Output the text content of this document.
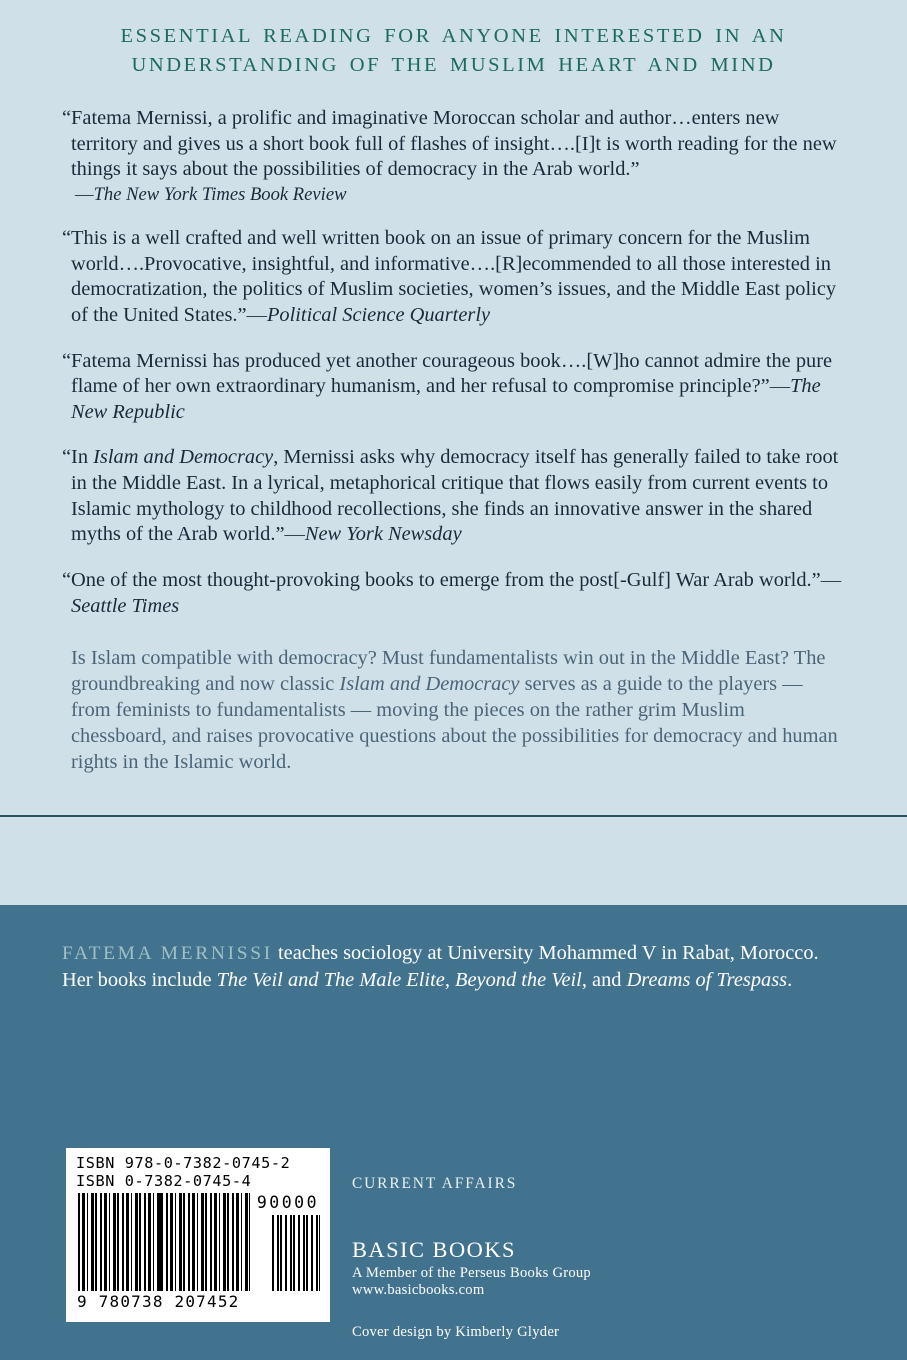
ESSENTIAL READING FOR ANYONE INTERESTED IN AN
UNDERSTANDING OF THE MUSLIM HEART AND MIND
“Fatema Mernissi, a prolific and imaginative Moroccan scholar and author…enters new territory and gives us a short book full of flashes of insight….[I]t is worth reading for the new things it says about the possibilities of democracy in the Arab world.”
—The New York Times Book Review
“This is a well crafted and well written book on an issue of primary concern for the Muslim world….Provocative, insightful, and informative….[R]ecommended to all those interested in democratization, the politics of Muslim societies, women’s issues, and the Middle East policy of the United States.”—Political Science Quarterly
“Fatema Mernissi has produced yet another courageous book….[W]ho cannot admire the pure flame of her own extraordinary humanism, and her refusal to compromise principle?”—The New Republic
“In Islam and Democracy, Mernissi asks why democracy itself has generally failed to take root in the Middle East. In a lyrical, metaphorical critique that flows easily from current events to Islamic mythology to childhood recollections, she finds an innovative answer in the shared myths of the Arab world.”—New York Newsday
“One of the most thought-provoking books to emerge from the post[-Gulf] War Arab world.”—Seattle Times
Is Islam compatible with democracy? Must fundamentalists win out in the Middle East? The groundbreaking and now classic Islam and Democracy serves as a guide to the players — from feminists to fundamentalists — moving the pieces on the rather grim Muslim chessboard, and raises provocative questions about the possibilities for democracy and human rights in the Islamic world.
FATEMA MERNISSI teaches sociology at University Mohammed V in Rabat, Morocco. Her books include The Veil and The Male Elite, Beyond the Veil, and Dreams of Trespass.
ISBN 978-0-7382-0745-2
ISBN 0-7382-0745-4
90000
9 780738 207452
CURRENT AFFAIRS
BASIC BOOKS
A Member of the Perseus Books Group
www.basicbooks.com
Cover design by Kimberly Glyder
